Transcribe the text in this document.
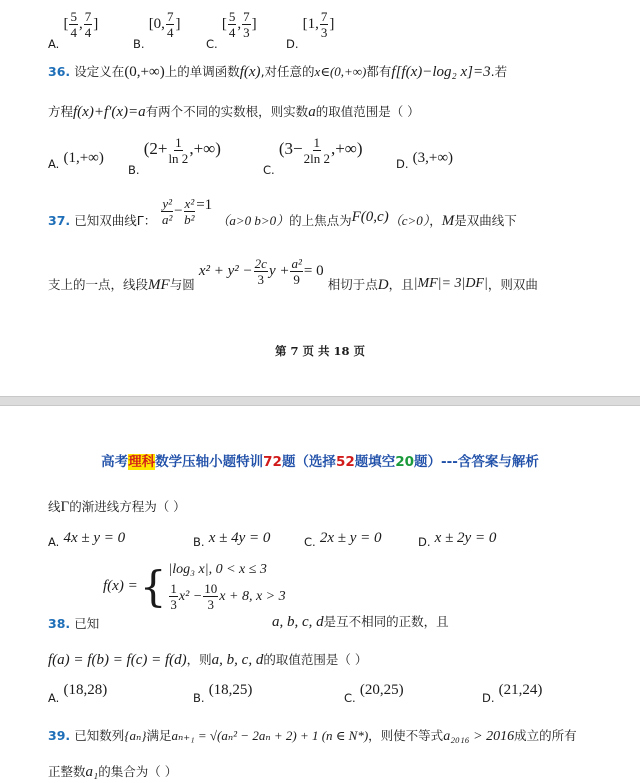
A. [ $\frac{5}{4}$ , $\frac{7}{4}$ ]
B. [0, $\frac{7}{4}$ ]
C. [ $\frac{5}{4}$ , $\frac{7}{3}$ ]
D. [1, $\frac{7}{3}$ ]
36. 设定义在(0,+∞)上的单调函数f(x),对任意的x∈(0,+∞)都有f[f(x)−log₂ x]=3.若
方程f(x)+f′(x)=a有两个不同的实数根，则实数a的取值范围是（ ）
A. (1,+∞)
B. ($2+ \frac{1}{\ln 2}$ ,+∞)
C. ($3- \frac{1}{2\ln 2}$ ,+∞)
D. (3,+∞)
37. 已知双曲线Γ： $\frac{\text{y²}}{\text{a²}} - \frac{\text{x²}}{\text{b²}} =1$ （a>0 b>0）的上焦点为F(0,c)（c>0），M是双曲线下
支上的一点，线段MF与圆 $x^2 + y^2 - \frac{2c}{3}$ $y + \frac{\text{a²}}{9} = 0$ 相切于点D，且|MF|= 3|DF|，则双曲
第 7 页 共 18 页
高考理科数学压轴小题特训72题（选择52题填空20题）---含答案与解析
线Γ的渐进线方程为（ ）
A. 4x ± y = 0	B. x ± 4y = 0	C. 2x ± y = 0	D. x ± 2y = 0
f(x) = { |log₃ x|, 0 < x ≤ 3
$\frac{1}{3} x^2 - \frac{10}{3}$ x + 8, x > 3
38. 已知	a, b, c, d是互不相同的正数，且
f(a) = f(b) = f(c) = f(d)，则a, b, c, d的取值范围是（ ）
A. (18,28)	B. (18,25)	C. (20,25)	D. (21,24)
39. 已知数列{aₙ}满足aₙ₊₁ = √(aₙ² − 2aₙ + 2) + 1 (n ∈ N*)，则使不等式a₂₀₁₆ > 2016成立的所有
正整数a₁的集合为（ ）
